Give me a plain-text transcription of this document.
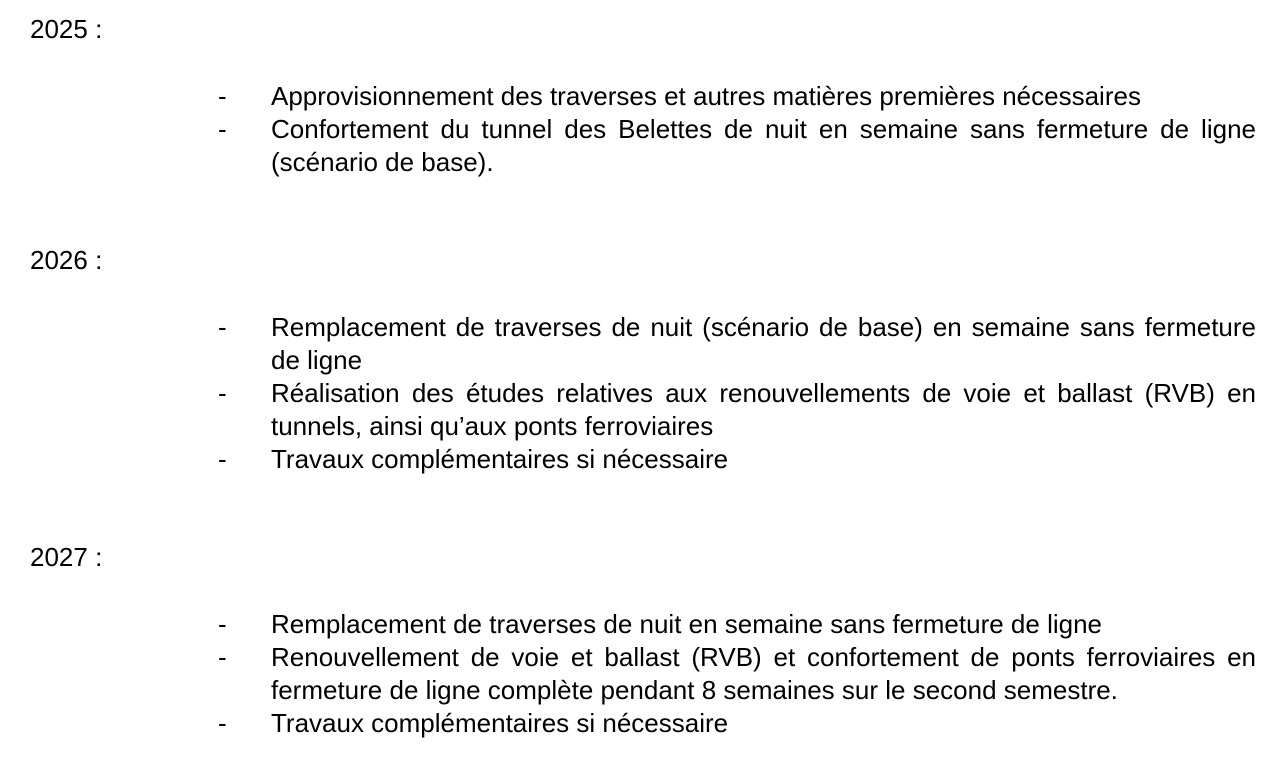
2025 :
- Approvisionnement des traverses et autres matières premières nécessaires
- Confortement du tunnel des Belettes de nuit en semaine sans fermeture de ligne (scénario de base).
2026 :
- Remplacement de traverses de nuit (scénario de base) en semaine sans fermeture de ligne
- Réalisation des études relatives aux renouvellements de voie et ballast (RVB) en tunnels, ainsi qu’aux ponts ferroviaires
- Travaux complémentaires si nécessaire
2027 :
- Remplacement de traverses de nuit en semaine sans fermeture de ligne
- Renouvellement de voie et ballast (RVB) et confortement de ponts ferroviaires en fermeture de ligne complète pendant 8 semaines sur le second semestre.
- Travaux complémentaires si nécessaire
